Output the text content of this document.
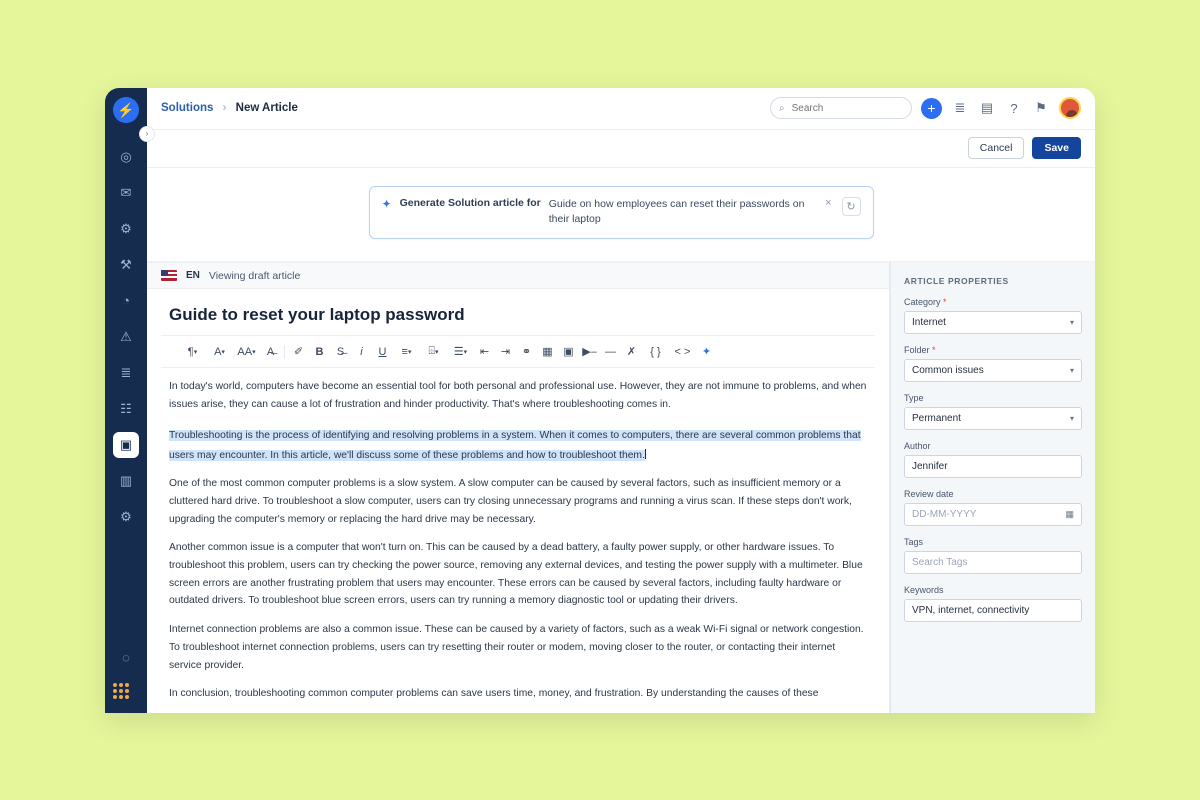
⚡
◎
✉
⚙
⚒
◔
⚠
≣
☷
▣
▥
⚙
◌
›
Solutions › New Article	⌕
Search	+ ≣ ▤	?	⚑
Cancel	Save
✦ Generate Solution article for Guide on how employees can reset their passwords on their laptop
×	↻
EN Viewing draft article
Guide to reset your laptop password
¶ ▾ A ▾ AA ▾ A̶ ✐ B S̶ i U ≡ ▾ ⌹ ▾ ☰ ▾ ⇤ ⇥ ⚭ ▦ ▣ ▶– — ✗ { } < > ✦

In today's world, computers have become an essential tool for both personal and professional use. However, they are not immune to problems, and when issues arise, they can cause a lot of frustration and hinder productivity. That's where troubleshooting comes in.

Troubleshooting is the process of identifying and resolving problems in a system. When it comes to computers, there are several common problems that users may encounter. In this article, we'll discuss some of these problems and how to troubleshoot them.

One of the most common computer problems is a slow system. A slow computer can be caused by several factors, such as insufficient memory or a cluttered hard drive. To troubleshoot a slow computer, users can try closing unnecessary programs and running a virus scan. If these steps don't work, upgrading the computer's memory or replacing the hard drive may be necessary.

Another common issue is a computer that won't turn on. This can be caused by a dead battery, a faulty power supply, or other hardware issues. To troubleshoot this problem, users can try checking the power source, removing any external devices, and testing the power supply with a multimeter. Blue screen errors are another frustrating problem that users may encounter. These errors can be caused by several factors, including faulty hardware or outdated drivers. To troubleshoot blue screen errors, users can try running a memory diagnostic tool or updating their drivers.

Internet connection problems are also a common issue. These can be caused by a variety of factors, such as a weak Wi-Fi signal or network congestion. To troubleshoot internet connection problems, users can try resetting their router or modem, moving closer to the router, or contacting their internet service provider.

In conclusion, troubleshooting common computer problems can save users time, money, and frustration. By understanding the causes of these

ARTICLE PROPERTIES
Category *
Internet	▾
Folder *
Common issues	▾
Type
Permanent	▾
Author
Jennifer
Review date
DD-MM-YYYY	▦
Tags
Search Tags
Keywords
VPN, internet, connectivity
